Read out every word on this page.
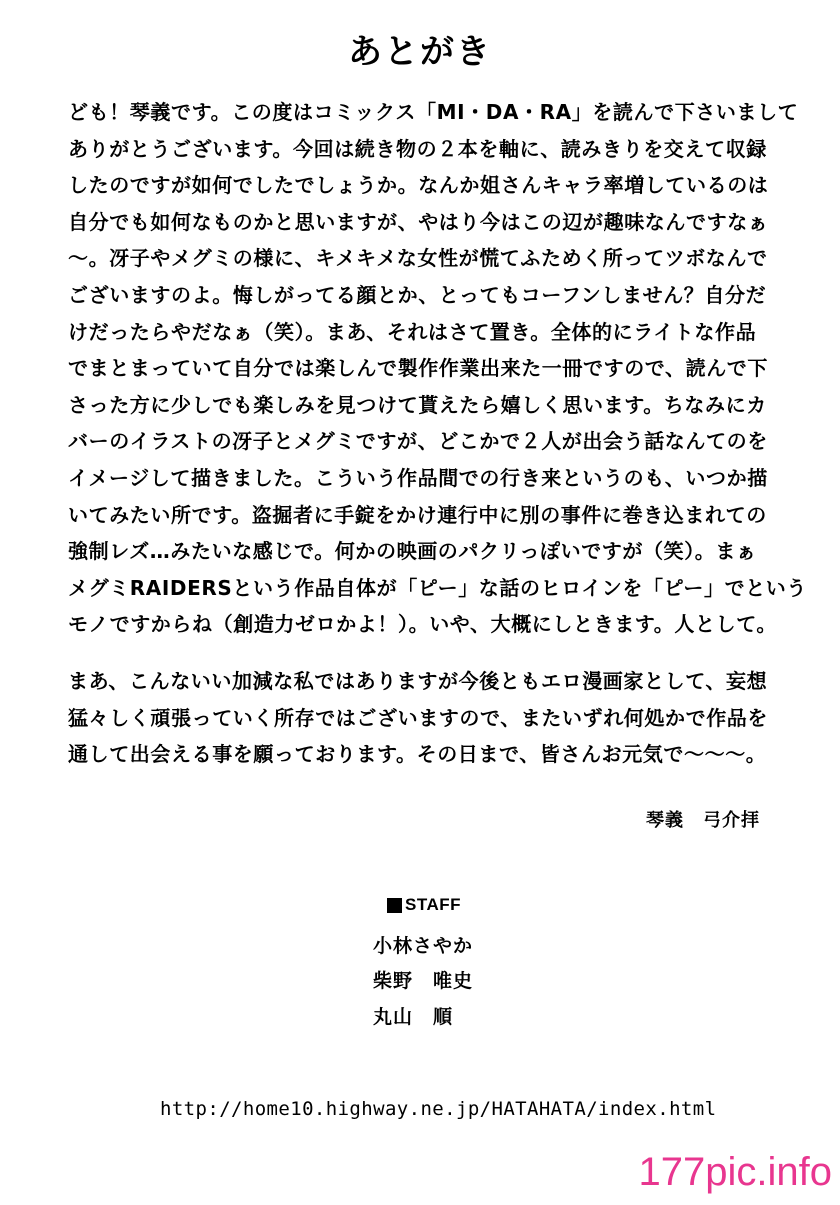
あとがき
ども！琴義です。この度はコミックス「MI・DA・RA」を読んで下さいまして
ありがとうございます。今回は続き物の２本を軸に、読みきりを交えて収録
したのですが如何でしたでしょうか。なんか姐さんキャラ率増しているのは
自分でも如何なものかと思いますが、やはり今はこの辺が趣味なんですなぁ
〜。冴子やメグミの様に、キメキメな女性が慌てふためく所ってツボなんで
ございますのよ。悔しがってる顔とか、とってもコーフンしません？自分だ
けだったらやだなぁ（笑）。まあ、それはさて置き。全体的にライトな作品
でまとまっていて自分では楽しんで製作作業出来た一冊ですので、読んで下
さった方に少しでも楽しみを見つけて貰えたら嬉しく思います。ちなみにカ
バーのイラストの冴子とメグミですが、どこかで２人が出会う話なんてのを
イメージして描きました。こういう作品間での行き来というのも、いつか描
いてみたい所です。盗掘者に手錠をかけ連行中に別の事件に巻き込まれての
強制レズ…みたいな感じで。何かの映画のパクリっぽいですが（笑）。まぁ
メグミRAIDERSという作品自体が「ピー」な話のヒロインを「ピー」でという
モノですからね（創造力ゼロかよ！）。いや、大概にしときます。人として。
まあ、こんないい加減な私ではありますが今後ともエロ漫画家として、妄想
猛々しく頑張っていく所存ではございますので、またいずれ何処かで作品を
通して出会える事を願っております。その日まで、皆さんお元気で〜〜〜。
琴義　弓介拝
STAFF
小林さやか
柴野　唯史
丸山　順
http://home10.highway.ne.jp/HATAHATA/index.html
177pic.info
